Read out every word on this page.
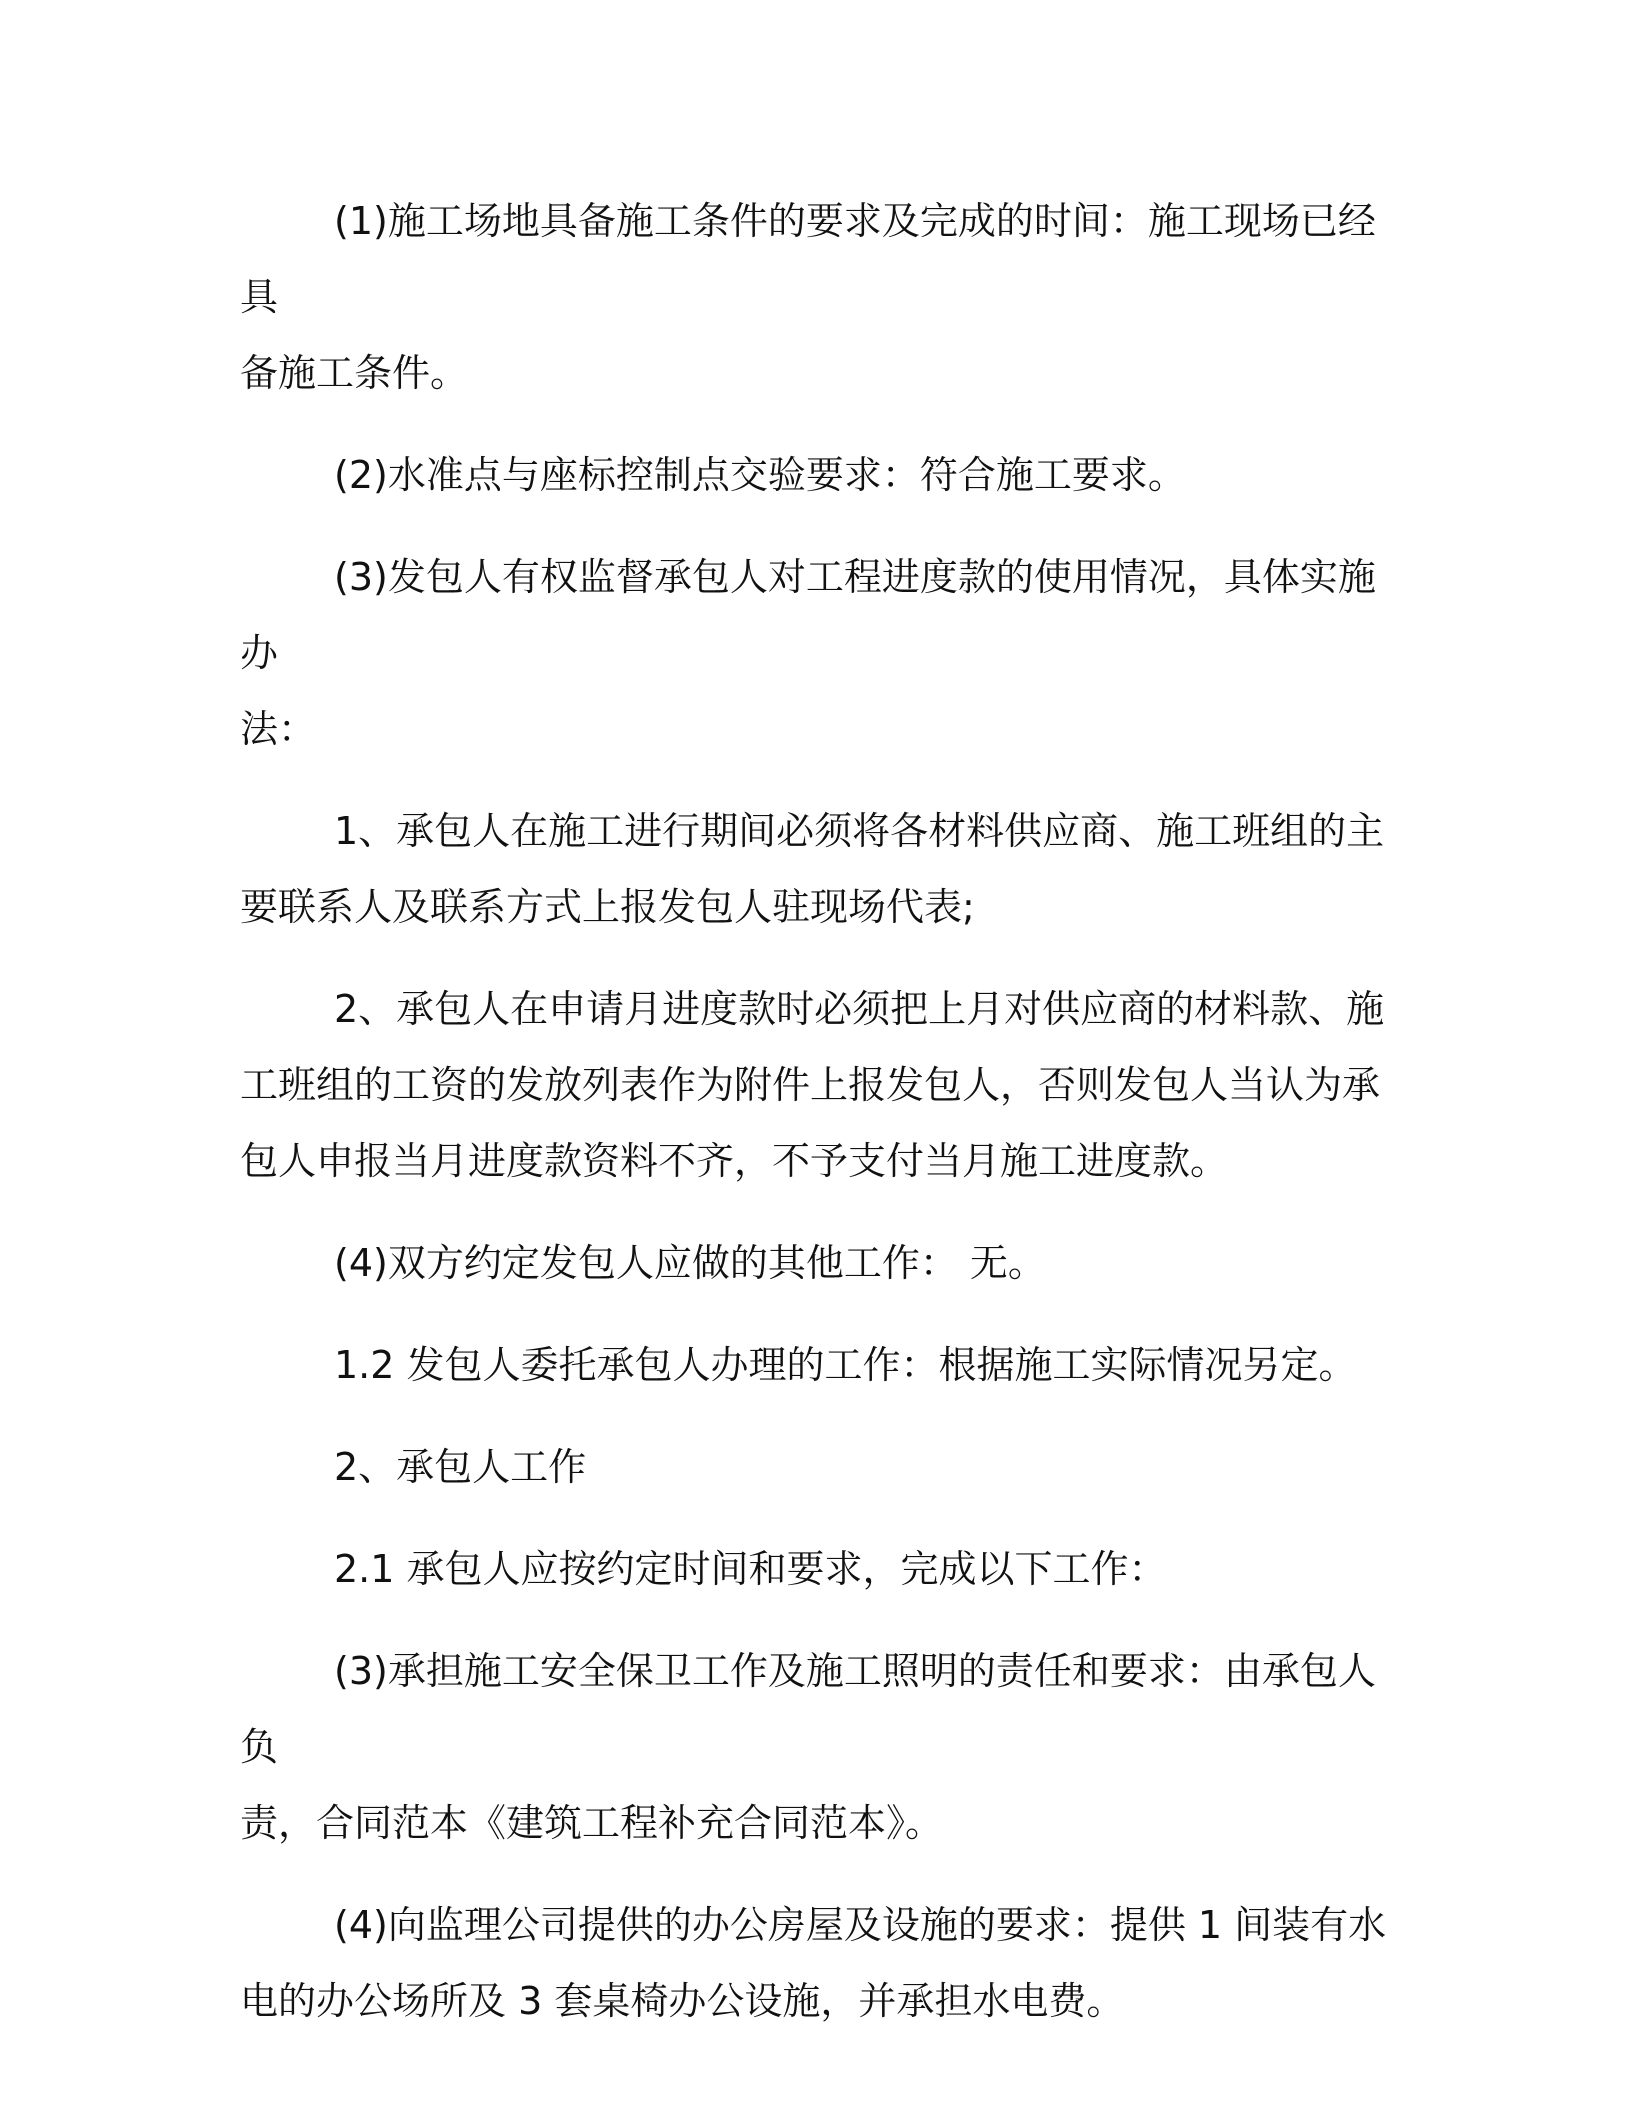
(1)施工场地具备施工条件的要求及完成的时间：施工现场已经具
备施工条件。

(2)水准点与座标控制点交验要求：符合施工要求。

(3)发包人有权监督承包人对工程进度款的使用情况，具体实施办
法：

1、承包人在施工进行期间必须将各材料供应商、施工班组的主
要联系人及联系方式上报发包人驻现场代表;

2、承包人在申请月进度款时必须把上月对供应商的材料款、施
工班组的工资的发放列表作为附件上报发包人，否则发包人当认为承
包人申报当月进度款资料不齐，不予支付当月施工进度款。

(4)双方约定发包人应做的其他工作： 无。

1.2 发包人委托承包人办理的工作：根据施工实际情况另定。

2、承包人工作

2.1 承包人应按约定时间和要求，完成以下工作：

(3)承担施工安全保卫工作及施工照明的责任和要求：由承包人负
责，合同范本《建筑工程补充合同范本》。

(4)向监理公司提供的办公房屋及设施的要求：提供 1 间装有水
电的办公场所及 3 套桌椅办公设施，并承担水电费。
